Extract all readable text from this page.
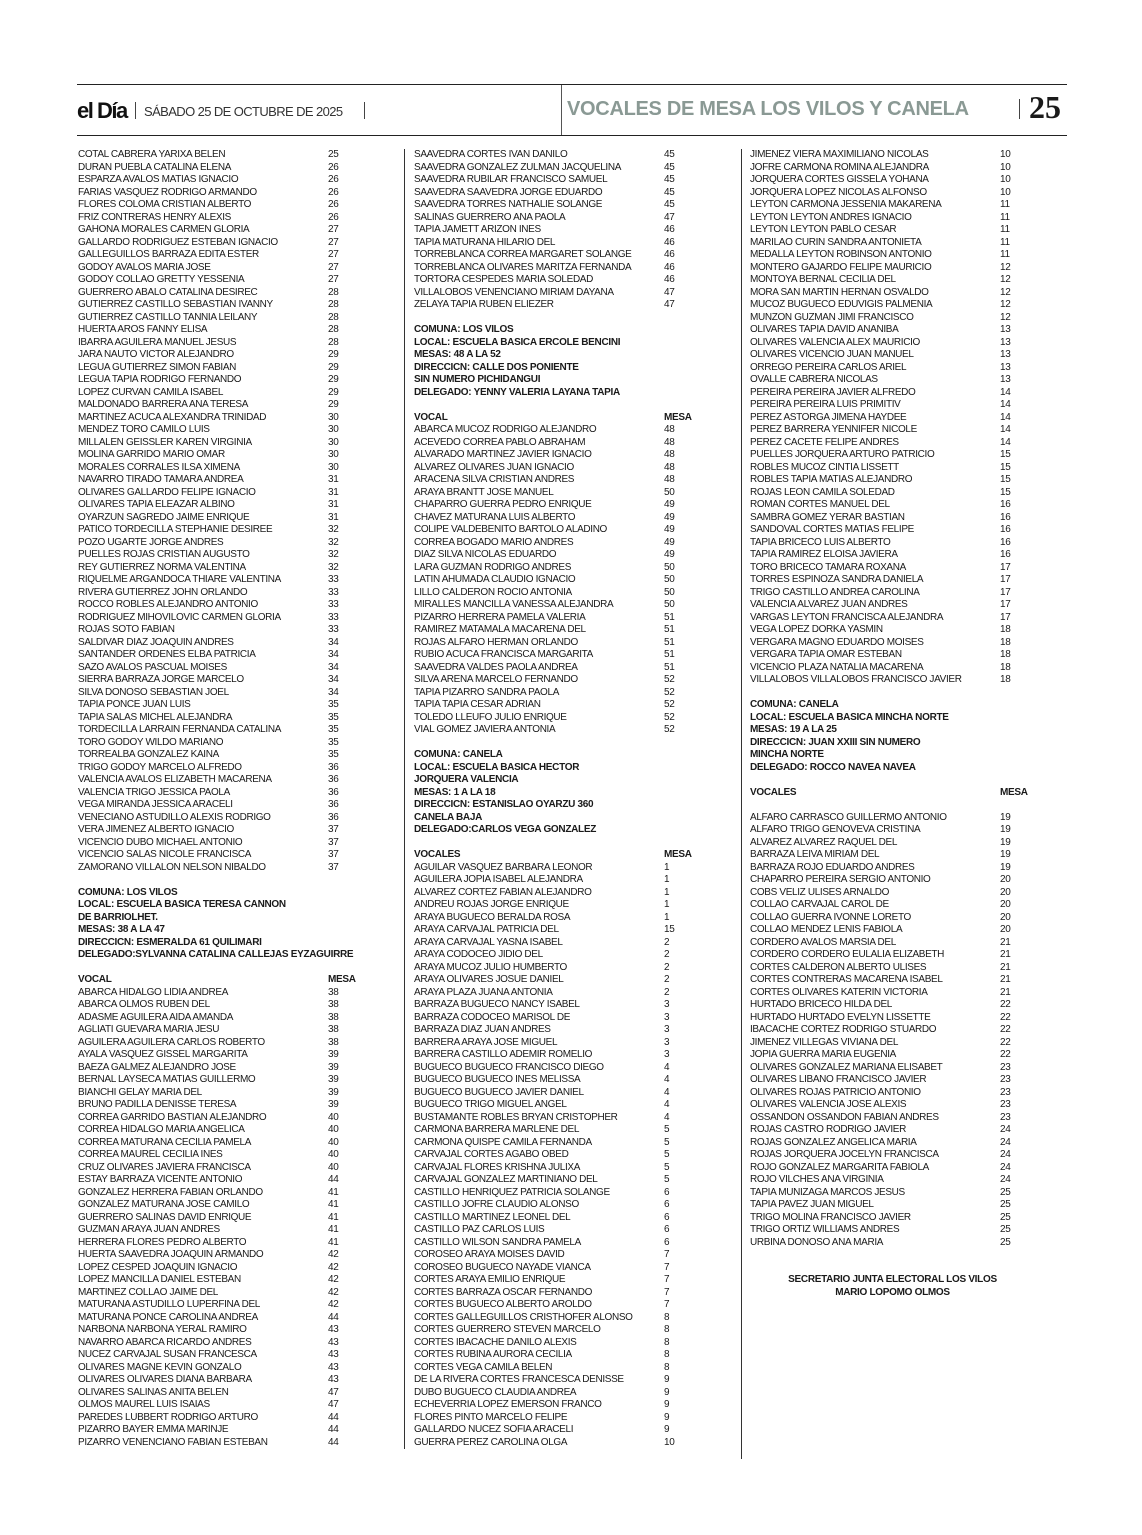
el Día SÁBADO 25 DE OCTUBRE DE 2025	VOCALES DE MESA LOS VILOS Y CANELA 25
COTAL CABRERA YARIXA BELEN	25
DURAN PUEBLA CATALINA ELENA	26
ESPARZA AVALOS MATIAS IGNACIO	26
FARIAS VASQUEZ RODRIGO ARMANDO	26
FLORES COLOMA CRISTIAN ALBERTO	26
FRIZ CONTRERAS HENRY ALEXIS	26
GAHONA MORALES CARMEN GLORIA	27
GALLARDO RODRIGUEZ ESTEBAN IGNACIO	27
GALLEGUILLOS BARRAZA EDITA ESTER	27
GODOY AVALOS MARIA JOSE	27
GODOY COLLAO GRETTY YESSENIA	27
GUERRERO ABALO CATALINA DESIREC	28
GUTIERREZ CASTILLO SEBASTIAN IVANNY	28
GUTIERREZ CASTILLO TANNIA LEILANY	28
HUERTA AROS FANNY ELISA	28
IBARRA AGUILERA MANUEL JESUS	28
JARA NAUTO VICTOR ALEJANDRO	29
LEGUA GUTIERREZ SIMON FABIAN	29
LEGUA TAPIA RODRIGO FERNANDO	29
LOPEZ CURVAN CAMILA ISABEL	29
MALDONADO BARRERA ANA TERESA	29
MARTINEZ ACUCA ALEXANDRA TRINIDAD	30
MENDEZ TORO CAMILO LUIS	30
MILLALEN GEISSLER KAREN VIRGINIA	30
MOLINA GARRIDO MARIO OMAR	30
MORALES CORRALES ILSA XIMENA	30
NAVARRO TIRADO TAMARA ANDREA	31
OLIVARES GALLARDO FELIPE IGNACIO	31
OLIVARES TAPIA ELEAZAR ALBINO	31
OYARZUN SAGREDO JAIME ENRIQUE	31
PATICO TORDECILLA STEPHANIE DESIREE	32
POZO UGARTE JORGE ANDRES	32
PUELLES ROJAS CRISTIAN AUGUSTO	32
REY GUTIERREZ NORMA VALENTINA	32
RIQUELME ARGANDOCA THIARE VALENTINA	33
RIVERA GUTIERREZ JOHN ORLANDO	33
ROCCO ROBLES ALEJANDRO ANTONIO	33
RODRIGUEZ MIHOVILOVIC CARMEN GLORIA	33
ROJAS SOTO FABIAN	33
SALDIVAR DIAZ JOAQUIN ANDRES	34
SANTANDER ORDENES ELBA PATRICIA	34
SAZO AVALOS PASCUAL MOISES	34
SIERRA BARRAZA JORGE MARCELO	34
SILVA DONOSO SEBASTIAN JOEL	34
TAPIA PONCE JUAN LUIS	35
TAPIA SALAS MICHEL ALEJANDRA	35
TORDECILLA LARRAIN FERNANDA CATALINA	35
TORO GODOY WILDO MARIANO	35
TORREALBA GONZALEZ KAINA	35
TRIGO GODOY MARCELO ALFREDO	36
VALENCIA AVALOS ELIZABETH MACARENA	36
VALENCIA TRIGO JESSICA PAOLA	36
VEGA MIRANDA JESSICA ARACELI	36
VENECIANO ASTUDILLO ALEXIS RODRIGO	36
VERA JIMENEZ ALBERTO IGNACIO	37
VICENCIO DUBO MICHAEL ANTONIO	37
VICENCIO SALAS NICOLE FRANCISCA	37
ZAMORANO VILLALON NELSON NIBALDO	37
COMUNA: LOS VILOS
LOCAL: ESCUELA BASICA TERESA CANNON
DE BARRIOLHET.
MESAS: 38 A LA 47
DIRECCICN: ESMERALDA 61 QUILIMARI
DELEGADO:SYLVANNA CATALINA CALLEJAS EYZAGUIRRE
VOCAL	MESA
ABARCA HIDALGO LIDIA ANDREA	38
ABARCA OLMOS RUBEN DEL	38
ADASME AGUILERA AIDA AMANDA	38
AGLIATI GUEVARA MARIA JESU	38
AGUILERA AGUILERA CARLOS ROBERTO	38
AYALA VASQUEZ GISSEL MARGARITA	39
BAEZA GALMEZ ALEJANDRO JOSE	39
BERNAL LAYSECA MATIAS GUILLERMO	39
BIANCHI GELAY MARIA DEL	39
BRUNO PADILLA DENISSE TERESA	39
CORREA GARRIDO BASTIAN ALEJANDRO	40
CORREA HIDALGO MARIA ANGELICA	40
CORREA MATURANA CECILIA PAMELA	40
CORREA MAUREL CECILIA INES	40
CRUZ OLIVARES JAVIERA FRANCISCA	40
ESTAY BARRAZA VICENTE ANTONIO	44
GONZALEZ HERRERA FABIAN ORLANDO	41
GONZALEZ MATURANA JOSE CAMILO	41
GUERRERO SALINAS DAVID ENRIQUE	41
GUZMAN ARAYA JUAN ANDRES	41
HERRERA FLORES PEDRO ALBERTO	41
HUERTA SAAVEDRA JOAQUIN ARMANDO	42
LOPEZ CESPED JOAQUIN IGNACIO	42
LOPEZ MANCILLA DANIEL ESTEBAN	42
MARTINEZ COLLAO JAIME DEL	42
MATURANA ASTUDILLO LUPERFINA DEL	42
MATURANA PONCE CAROLINA ANDREA	44
NARBONA NARBONA YERAL RAMIRO	43
NAVARRO ABARCA RICARDO ANDRES	43
NUCEZ CARVAJAL SUSAN FRANCESCA	43
OLIVARES MAGNE KEVIN GONZALO	43
OLIVARES OLIVARES DIANA BARBARA	43
OLIVARES SALINAS ANITA BELEN	47
OLMOS MAUREL LUIS ISAIAS	47
PAREDES LUBBERT RODRIGO ARTURO	44
PIZARRO BAYER EMMA MARINJE	44
PIZARRO VENENCIANO FABIAN ESTEBAN	44
SAAVEDRA CORTES IVAN DANILO	45
SAAVEDRA GONZALEZ ZULMAN JACQUELINA	45
SAAVEDRA RUBILAR FRANCISCO SAMUEL	45
SAAVEDRA SAAVEDRA JORGE EDUARDO	45
SAAVEDRA TORRES NATHALIE SOLANGE	45
SALINAS GUERRERO ANA PAOLA	47
TAPIA JAMETT ARIZON INES	46
TAPIA MATURANA HILARIO DEL	46
TORREBLANCA CORREA MARGARET SOLANGE	46
TORREBLANCA OLIVARES MARITZA FERNANDA	46
TORTORA CESPEDES MARIA SOLEDAD	46
VILLALOBOS VENENCIANO MIRIAM DAYANA	47
ZELAYA TAPIA RUBEN ELIEZER	47
COMUNA: LOS VILOS
LOCAL: ESCUELA BASICA ERCOLE BENCINI
MESAS: 48 A LA 52
DIRECCICN: CALLE DOS PONIENTE
SIN NUMERO PICHIDANGUI
DELEGADO: YENNY VALERIA LAYANA TAPIA
VOCAL	MESA
ABARCA MUCOZ RODRIGO ALEJANDRO	48
ACEVEDO CORREA PABLO ABRAHAM	48
ALVARADO MARTINEZ JAVIER IGNACIO	48
ALVAREZ OLIVARES JUAN IGNACIO	48
ARACENA SILVA CRISTIAN ANDRES	48
ARAYA BRANTT JOSE MANUEL	50
CHAPARRO GUERRA PEDRO ENRIQUE	49
CHAVEZ MATURANA LUIS ALBERTO	49
COLIPE VALDEBENITO BARTOLO ALADINO	49
CORREA BOGADO MARIO ANDRES	49
DIAZ SILVA NICOLAS EDUARDO	49
LARA GUZMAN RODRIGO ANDRES	50
LATIN AHUMADA CLAUDIO IGNACIO	50
LILLO CALDERON ROCIO ANTONIA	50
MIRALLES MANCILLA VANESSA ALEJANDRA	50
PIZARRO HERRERA PAMELA VALERIA	51
RAMIREZ MATAMALA MACARENA DEL	51
ROJAS ALFARO HERMAN ORLANDO	51
RUBIO ACUCA FRANCISCA MARGARITA	51
SAAVEDRA VALDES PAOLA ANDREA	51
SILVA ARENA MARCELO FERNANDO	52
TAPIA PIZARRO SANDRA PAOLA	52
TAPIA TAPIA CESAR ADRIAN	52
TOLEDO LLEUFO JULIO ENRIQUE	52
VIAL GOMEZ JAVIERA ANTONIA	52
COMUNA: CANELA
LOCAL: ESCUELA BASICA HECTOR
JORQUERA VALENCIA
MESAS: 1 A LA 18
DIRECCICN: ESTANISLAO OYARZU 360
CANELA BAJA
DELEGADO:CARLOS VEGA GONZALEZ
VOCALES	MESA
AGUILAR VASQUEZ BARBARA LEONOR	1
AGUILERA JOPIA ISABEL ALEJANDRA	1
ALVAREZ CORTEZ FABIAN ALEJANDRO	1
ANDREU ROJAS JORGE ENRIQUE	1
ARAYA BUGUECO BERALDA ROSA	1
ARAYA CARVAJAL PATRICIA DEL	15
ARAYA CARVAJAL YASNA ISABEL	2
ARAYA CODOCEO JIDIO DEL	2
ARAYA MUCOZ JULIO HUMBERTO	2
ARAYA OLIVARES JOSUE DANIEL	2
ARAYA PLAZA JUANA ANTONIA	2
BARRAZA BUGUECO NANCY ISABEL	3
BARRAZA CODOCEO MARISOL DE	3
BARRAZA DIAZ JUAN ANDRES	3
BARRERA ARAYA JOSE MIGUEL	3
BARRERA CASTILLO ADEMIR ROMELIO	3
BUGUECO BUGUECO FRANCISCO DIEGO	4
BUGUECO BUGUECO INES MELISSA	4
BUGUECO BUGUECO JAVIER DANIEL	4
BUGUECO TRIGO MIGUEL ANGEL	4
BUSTAMANTE ROBLES BRYAN CRISTOPHER	4
CARMONA BARRERA MARLENE DEL	5
CARMONA QUISPE CAMILA FERNANDA	5
CARVAJAL CORTES AGABO OBED	5
CARVAJAL FLORES KRISHNA JULIXA	5
CARVAJAL GONZALEZ MARTINIANO DEL	5
CASTILLO HENRIQUEZ PATRICIA SOLANGE	6
CASTILLO JOFRE CLAUDIO ALONSO	6
CASTILLO MARTINEZ LEONEL DEL	6
CASTILLO PAZ CARLOS LUIS	6
CASTILLO WILSON SANDRA PAMELA	6
COROSEO ARAYA MOISES DAVID	7
COROSEO BUGUECO NAYADE VIANCA	7
CORTES ARAYA EMILIO ENRIQUE	7
CORTES BARRAZA OSCAR FERNANDO	7
CORTES BUGUECO ALBERTO AROLDO	7
CORTES GALLEGUILLOS CRISTHOFER ALONSO	8
CORTES GUERRERO STEVEN MARCELO	8
CORTES IBACACHE DANILO ALEXIS	8
CORTES RUBINA AURORA CECILIA	8
CORTES VEGA CAMILA BELEN	8
DE LA RIVERA CORTES FRANCESCA DENISSE	9
DUBO BUGUECO CLAUDIA ANDREA	9
ECHEVERRIA LOPEZ EMERSON FRANCO	9
FLORES PINTO MARCELO FELIPE	9
GALLARDO NUCEZ SOFIA ARACELI	9
GUERRA PEREZ CAROLINA OLGA	10
JIMENEZ VIERA MAXIMILIANO NICOLAS	10
JOFRE CARMONA ROMINA ALEJANDRA	10
JORQUERA CORTES GISSELA YOHANA	10
JORQUERA LOPEZ NICOLAS ALFONSO	10
LEYTON CARMONA JESSENIA MAKARENA	11
LEYTON LEYTON ANDRES IGNACIO	11
LEYTON LEYTON PABLO CESAR	11
MARILAO CURIN SANDRA ANTONIETA	11
MEDALLA LEYTON ROBINSON ANTONIO	11
MONTERO GAJARDO FELIPE MAURICIO	12
MONTOYA BERNAL CECILIA DEL	12
MORA SAN MARTIN HERNAN OSVALDO	12
MUCOZ BUGUECO EDUVIGIS PALMENIA	12
MUNZON GUZMAN JIMI FRANCISCO	12
OLIVARES TAPIA DAVID ANANIBA	13
OLIVARES VALENCIA ALEX MAURICIO	13
OLIVARES VICENCIO JUAN MANUEL	13
ORREGO PEREIRA CARLOS ARIEL	13
OVALLE CABRERA NICOLAS	13
PEREIRA PEREIRA JAVIER ALFREDO	14
PEREIRA PEREIRA LUIS PRIMITIV	14
PEREZ ASTORGA JIMENA HAYDEE	14
PEREZ BARRERA YENNIFER NICOLE	14
PEREZ CACETE FELIPE ANDRES	14
PUELLES JORQUERA ARTURO PATRICIO	15
ROBLES MUCOZ CINTIA LISSETT	15
ROBLES TAPIA MATIAS ALEJANDRO	15
ROJAS LEON CAMILA SOLEDAD	15
ROMAN CORTES MANUEL DEL	16
SAMBRA GOMEZ YERAR BASTIAN	16
SANDOVAL CORTES MATIAS FELIPE	16
TAPIA BRICECO LUIS ALBERTO	16
TAPIA RAMIREZ ELOISA JAVIERA	16
TORO BRICECO TAMARA ROXANA	17
TORRES ESPINOZA SANDRA DANIELA	17
TRIGO CASTILLO ANDREA CAROLINA	17
VALENCIA ALVAREZ JUAN ANDRES	17
VARGAS LEYTON FRANCISCA ALEJANDRA	17
VEGA LOPEZ DORKA YASMIN	18
VERGARA MAGNO EDUARDO MOISES	18
VERGARA TAPIA OMAR ESTEBAN	18
VICENCIO PLAZA NATALIA MACARENA	18
VILLALOBOS VILLALOBOS FRANCISCO JAVIER	18
COMUNA: CANELA
LOCAL: ESCUELA BASICA MINCHA NORTE
MESAS: 19 A LA 25
DIRECCICN: JUAN XXIII SIN NUMERO
MINCHA NORTE
DELEGADO: ROCCO NAVEA NAVEA
VOCALES	MESA
ALFARO CARRASCO GUILLERMO ANTONIO	19
ALFARO TRIGO GENOVEVA CRISTINA	19
ALVAREZ ALVAREZ RAQUEL DEL	19
BARRAZA LEIVA MIRIAM DEL	19
BARRAZA ROJO EDUARDO ANDRES	19
CHAPARRO PEREIRA SERGIO ANTONIO	20
COBS VELIZ ULISES ARNALDO	20
COLLAO CARVAJAL CAROL DE	20
COLLAO GUERRA IVONNE LORETO	20
COLLAO MENDEZ LENIS FABIOLA	20
CORDERO AVALOS MARSIA DEL	21
CORDERO CORDERO EULALIA ELIZABETH	21
CORTES CALDERON ALBERTO ULISES	21
CORTES CONTRERAS MACARENA ISABEL	21
CORTES OLIVARES KATERIN VICTORIA	21
HURTADO BRICECO HILDA DEL	22
HURTADO HURTADO EVELYN LISSETTE	22
IBACACHE CORTEZ RODRIGO STUARDO	22
JIMENEZ VILLEGAS VIVIANA DEL	22
JOPIA GUERRA MARIA EUGENIA	22
OLIVARES GONZALEZ MARIANA ELISABET	23
OLIVARES LIBANO FRANCISCO JAVIER	23
OLIVARES ROJAS PATRICIO ANTONIO	23
OLIVARES VALENCIA JOSE ALEXIS	23
OSSANDON OSSANDON FABIAN ANDRES	23
ROJAS CASTRO RODRIGO JAVIER	24
ROJAS GONZALEZ ANGELICA MARIA	24
ROJAS JORQUERA JOCELYN FRANCISCA	24
ROJO GONZALEZ MARGARITA FABIOLA	24
ROJO VILCHES ANA VIRGINIA	24
TAPIA MUNIZAGA MARCOS JESUS	25
TAPIA PAVEZ JUAN MIGUEL	25
TRIGO MOLINA FRANCISCO JAVIER	25
TRIGO ORTIZ WILLIAMS ANDRES	25
URBINA DONOSO ANA MARIA	25
SECRETARIO JUNTA ELECTORAL LOS VILOS
MARIO LOPOMO OLMOS
